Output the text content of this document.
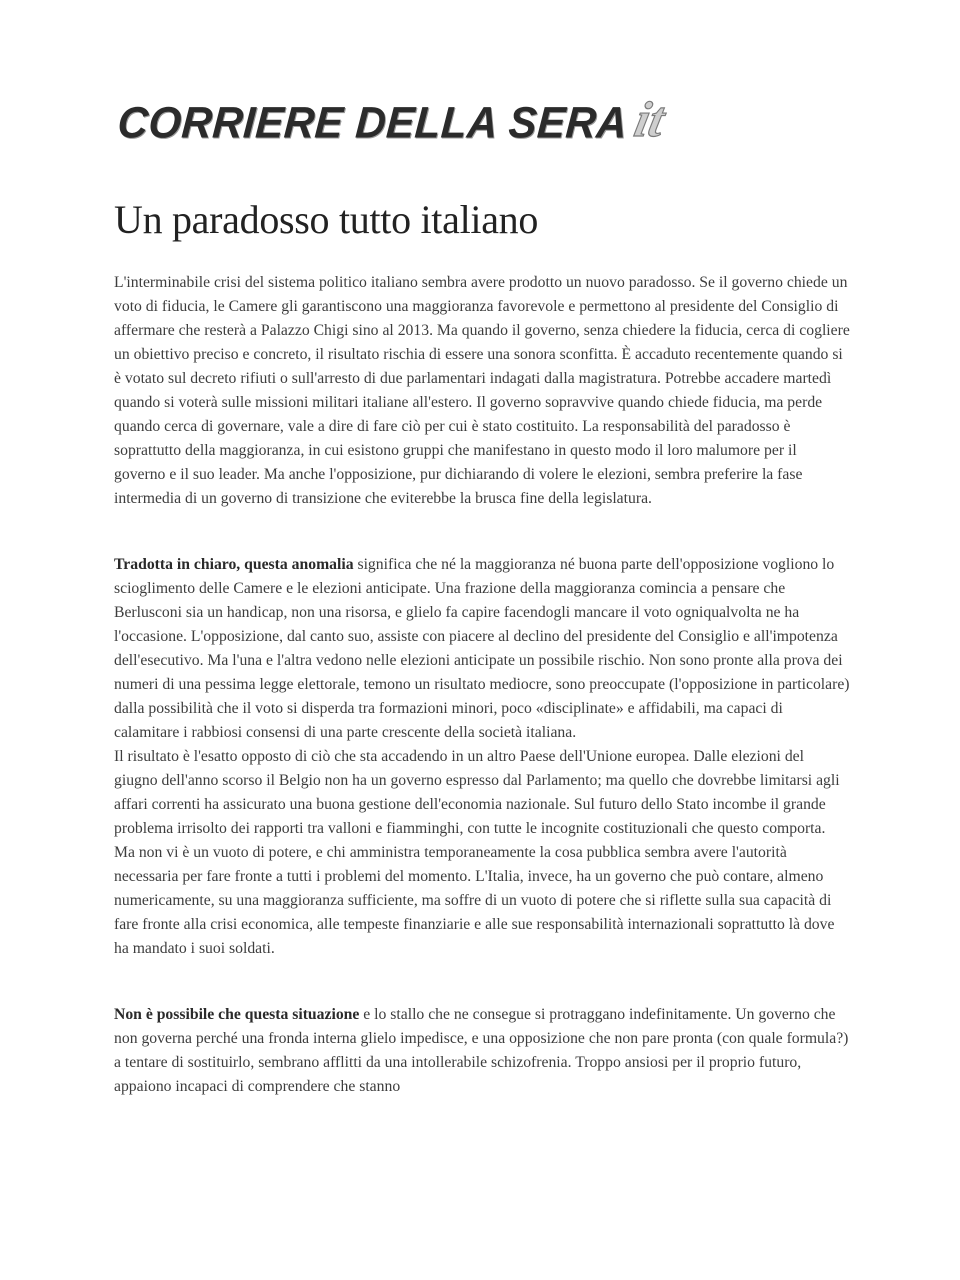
CORRIERE DELLA SERA it
Un paradosso tutto italiano

L'interminabile crisi del sistema politico italiano sembra avere prodotto un nuovo paradosso. Se il governo chiede un voto di fiducia, le Camere gli garantiscono una maggioranza favorevole e permettono al presidente del Consiglio di affermare che resterà a Palazzo Chigi sino al 2013. Ma quando il governo, senza chiedere la fiducia, cerca di cogliere un obiettivo preciso e concreto, il risultato rischia di essere una sonora sconfitta. È accaduto recentemente quando si è votato sul decreto rifiuti o sull'arresto di due parlamentari indagati dalla magistratura. Potrebbe accadere martedì quando si voterà sulle missioni militari italiane all'estero. Il governo sopravvive quando chiede fiducia, ma perde quando cerca di governare, vale a dire di fare ciò per cui è stato costituito. La responsabilità del paradosso è soprattutto della maggioranza, in cui esistono gruppi che manifestano in questo modo il loro malumore per il governo e il suo leader. Ma anche l'opposizione, pur dichiarando di volere le elezioni, sembra preferire la fase intermedia di un governo di transizione che eviterebbe la brusca fine della legislatura.

Tradotta in chiaro, questa anomalia significa che né la maggioranza né buona parte dell'opposizione vogliono lo scioglimento delle Camere e le elezioni anticipate. Una frazione della maggioranza comincia a pensare che Berlusconi sia un handicap, non una risorsa, e glielo fa capire facendogli mancare il voto ogniqualvolta ne ha l'occasione. L'opposizione, dal canto suo, assiste con piacere al declino del presidente del Consiglio e all'impotenza dell'esecutivo. Ma l'una e l'altra vedono nelle elezioni anticipate un possibile rischio. Non sono pronte alla prova dei numeri di una pessima legge elettorale, temono un risultato mediocre, sono preoccupate (l'opposizione in particolare) dalla possibilità che il voto si disperda tra formazioni minori, poco «disciplinate» e affidabili, ma capaci di calamitare i rabbiosi consensi di una parte crescente della società italiana.

Il risultato è l'esatto opposto di ciò che sta accadendo in un altro Paese dell'Unione europea. Dalle elezioni del giugno dell'anno scorso il Belgio non ha un governo espresso dal Parlamento; ma quello che dovrebbe limitarsi agli affari correnti ha assicurato una buona gestione dell'economia nazionale. Sul futuro dello Stato incombe il grande problema irrisolto dei rapporti tra valloni e fiamminghi, con tutte le incognite costituzionali che questo comporta. Ma non vi è un vuoto di potere, e chi amministra temporaneamente la cosa pubblica sembra avere l'autorità necessaria per fare fronte a tutti i problemi del momento. L'Italia, invece, ha un governo che può contare, almeno numericamente, su una maggioranza sufficiente, ma soffre di un vuoto di potere che si riflette sulla sua capacità di fare fronte alla crisi economica, alle tempeste finanziarie e alle sue responsabilità internazionali soprattutto là dove ha mandato i suoi soldati.

Non è possibile che questa situazione e lo stallo che ne consegue si protraggano indefinitamente. Un governo che non governa perché una fronda interna glielo impedisce, e una opposizione che non pare pronta (con quale formula?) a tentare di sostituirlo, sembrano afflitti da una intollerabile schizofrenia. Troppo ansiosi per il proprio futuro, appaiono incapaci di comprendere che stanno
